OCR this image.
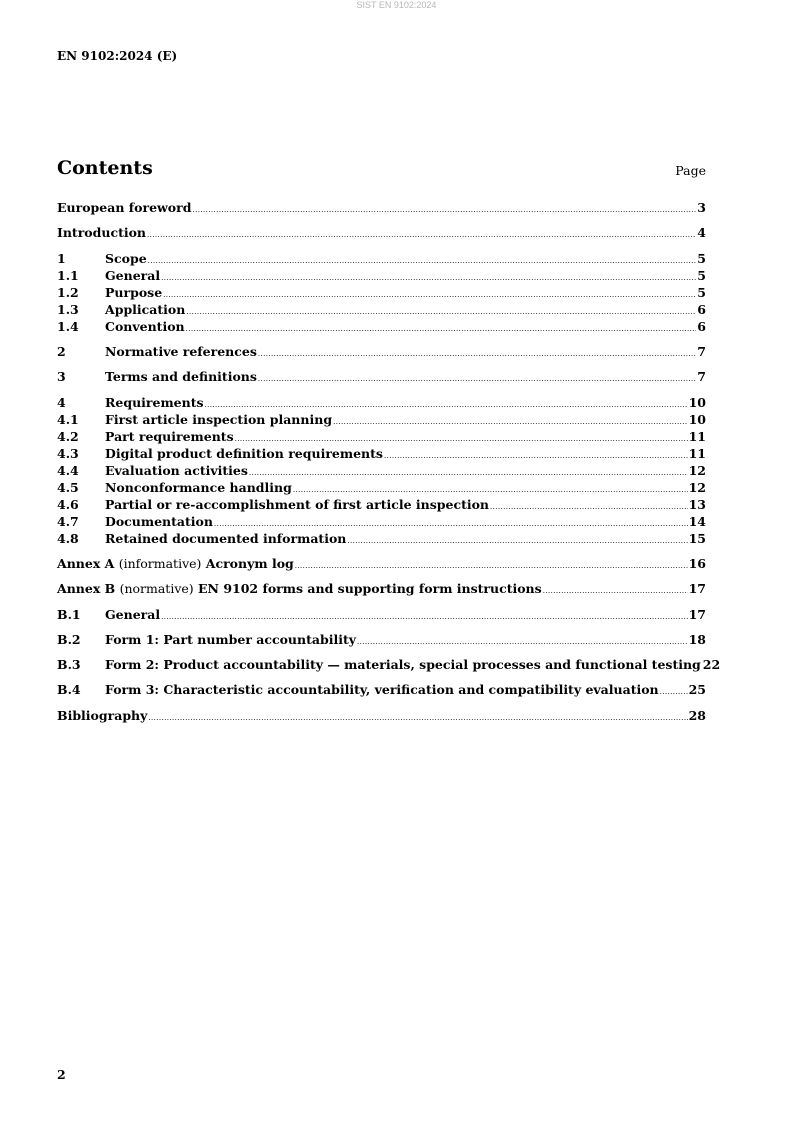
SIST EN 9102:2024
EN 9102:2024 (E)
Contents	Page
European foreword .....	3
Introduction .....	4
1	Scope .....	5
1.1	General .....	5
1.2	Purpose .....	5
1.3	Application .....	6
1.4	Convention .....	6
2	Normative references .....	7
3	Terms and definitions .....	7
4	Requirements .....	10
4.1	First article inspection planning .....	10
4.2	Part requirements .....	11
4.3	Digital product definition requirements .....	11
4.4	Evaluation activities .....	12
4.5	Nonconformance handling .....	12
4.6	Partial or re-accomplishment of first article inspection .....	13
4.7	Documentation .....	14
4.8	Retained documented information .....	15
Annex A (informative) Acronym log .....	16
Annex B (normative) EN 9102 forms and supporting form instructions .....	17
B.1	General .....	17
B.2	Form 1: Part number accountability .....	18
B.3	Form 2: Product accountability — materials, special processes and functional testing 22
B.4	Form 3: Characteristic accountability, verification and compatibility evaluation ..... 25
Bibliography .....	28
2
